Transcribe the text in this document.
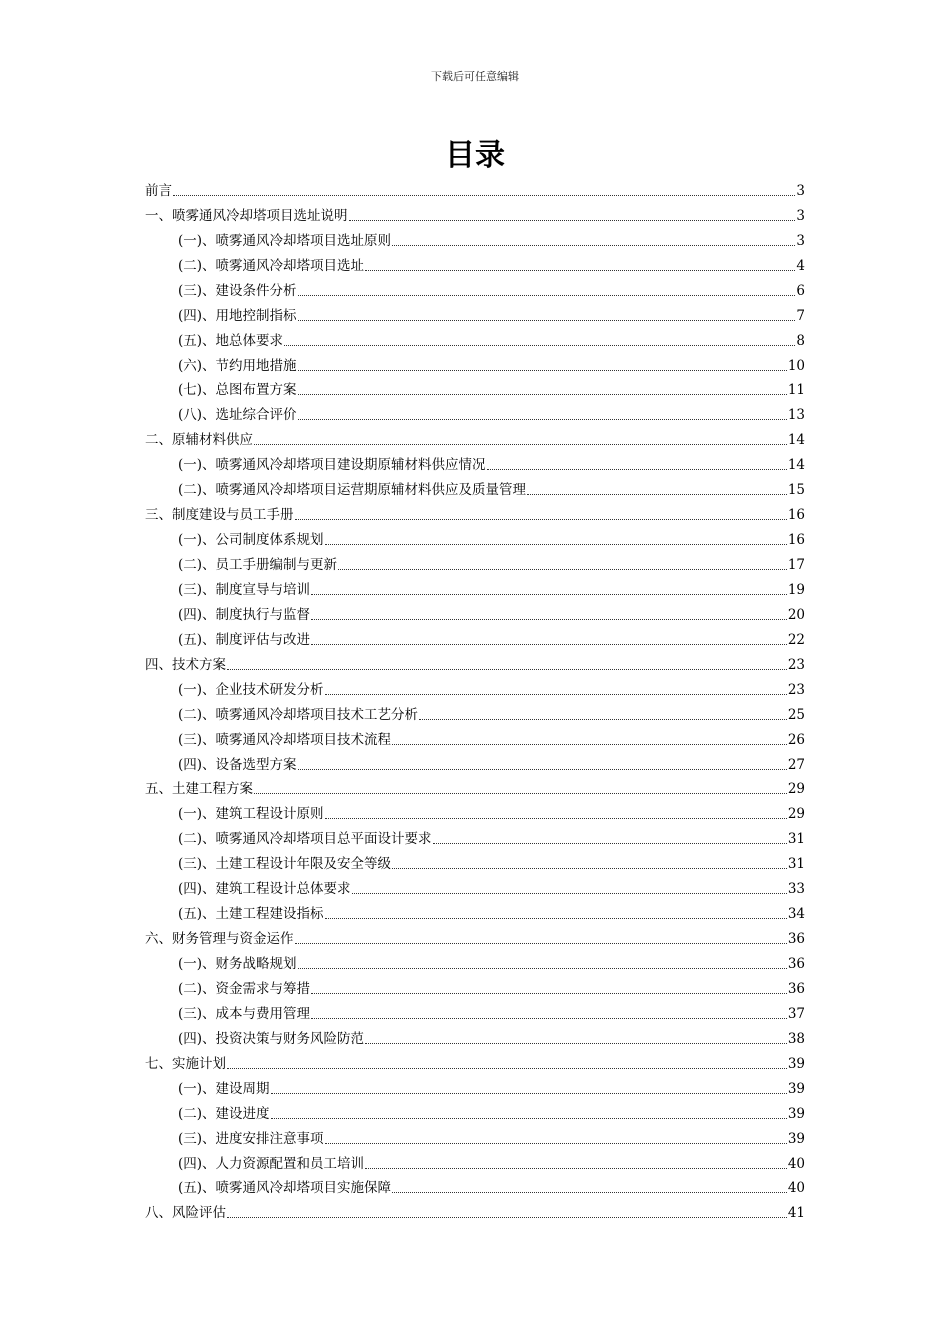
下载后可任意编辑
目录
前言	3
一、喷雾通风冷却塔项目选址说明	3
(一)、喷雾通风冷却塔项目选址原则	3
(二)、喷雾通风冷却塔项目选址	4
(三)、建设条件分析	6
(四)、用地控制指标	7
(五)、地总体要求	8
(六)、节约用地措施	10
(七)、总图布置方案	11
(八)、选址综合评价	13
二、原辅材料供应	14
(一)、喷雾通风冷却塔项目建设期原辅材料供应情况	14
(二)、喷雾通风冷却塔项目运营期原辅材料供应及质量管理	15
三、制度建设与员工手册	16
(一)、公司制度体系规划	16
(二)、员工手册编制与更新	17
(三)、制度宣导与培训	19
(四)、制度执行与监督	20
(五)、制度评估与改进	22
四、技术方案	23
(一)、企业技术研发分析	23
(二)、喷雾通风冷却塔项目技术工艺分析	25
(三)、喷雾通风冷却塔项目技术流程	26
(四)、设备选型方案	27
五、土建工程方案	29
(一)、建筑工程设计原则	29
(二)、喷雾通风冷却塔项目总平面设计要求	31
(三)、土建工程设计年限及安全等级	31
(四)、建筑工程设计总体要求	33
(五)、土建工程建设指标	34
六、财务管理与资金运作	36
(一)、财务战略规划	36
(二)、资金需求与筹措	36
(三)、成本与费用管理	37
(四)、投资决策与财务风险防范	38
七、实施计划	39
(一)、建设周期	39
(二)、建设进度	39
(三)、进度安排注意事项	39
(四)、人力资源配置和员工培训	40
(五)、喷雾通风冷却塔项目实施保障	40
八、风险评估	41
